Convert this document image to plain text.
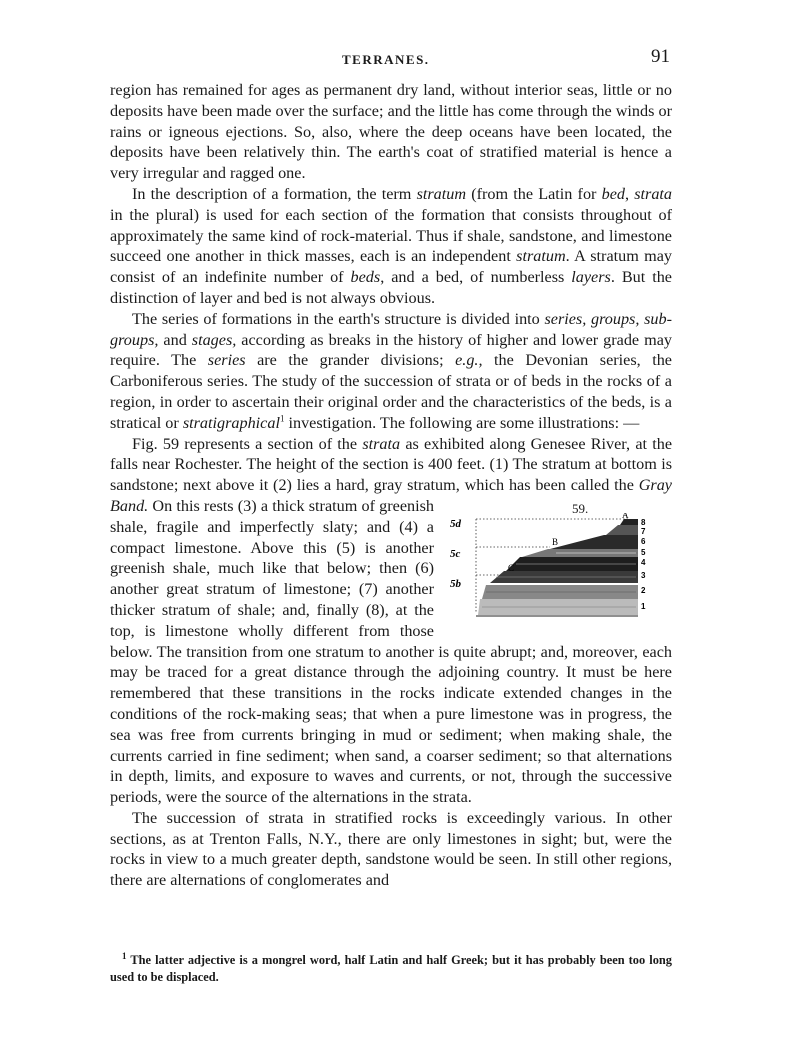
TERRANES.	91

region has remained for ages as permanent dry land, without interior seas, little or no deposits have been made over the surface; and the little has come through the winds or rains or igneous ejections. So, also, where the deep oceans have been located, the deposits have been relatively thin. The earth's coat of stratified material is hence a very irregular and ragged one.

In the description of a formation, the term stratum (from the Latin for bed, strata in the plural) is used for each section of the formation that consists throughout of approximately the same kind of rock-material. Thus if shale, sandstone, and limestone succeed one another in thick masses, each is an independent stratum. A stratum may consist of an indefinite number of beds, and a bed, of numberless layers. But the distinction of layer and bed is not always obvious.

The series of formations in the earth's structure is divided into series, groups, sub-groups, and stages, according as breaks in the history of higher and lower grade may require. The series are the grander divisions; e.g., the Devonian series, the Carboniferous series. The study of the succession of strata or of beds in the rocks of a region, in order to ascertain their original order and the characteristics of the beds, is a stratical or stratigraphical$^1$ investigation. The following are some illustrations: —

Fig. 59 represents a section of the strata as exhibited along Genesee River, at the falls near Rochester. The height of the section is 400 feet. (1) The stratum at bottom is sandstone; next above it (2) lies a hard, gray stratum, which has been called the
59.
5d
5c
5b
A
B
C
8
7
6
5
4
3
2
1
Gray Band. On this rests (3) a thick stratum of greenish shale, fragile and imperfectly slaty; and (4) a compact limestone. Above this (5) is another greenish shale, much like that below; then (6) another great stratum of limestone; (7) another thicker stratum of shale; and, finally (8), at the top, is limestone wholly different from those below. The transition from one stratum to another is quite abrupt; and, moreover, each may be traced for a great distance through the adjoining country. It must be here remembered that these transitions in the rocks indicate extended changes in the conditions of the rock-making seas; that when a pure limestone was in progress, the sea was free from currents bringing in mud or sediment; when making shale, the currents carried in fine sediment; when sand, a coarser sediment; so that alternations in depth, limits, and exposure to waves and currents, or not, through the successive periods, were the source of the alternations in the strata.

The succession of strata in stratified rocks is exceedingly various. In other sections, as at Trenton Falls, N.Y., there are only limestones in sight; but, were the rocks in view to a much greater depth, sandstone would be seen. In still other regions, there are alternations of conglomerates and

$^1$ The latter adjective is a mongrel word, half Latin and half Greek; but it has probably been too long used to be displaced.
